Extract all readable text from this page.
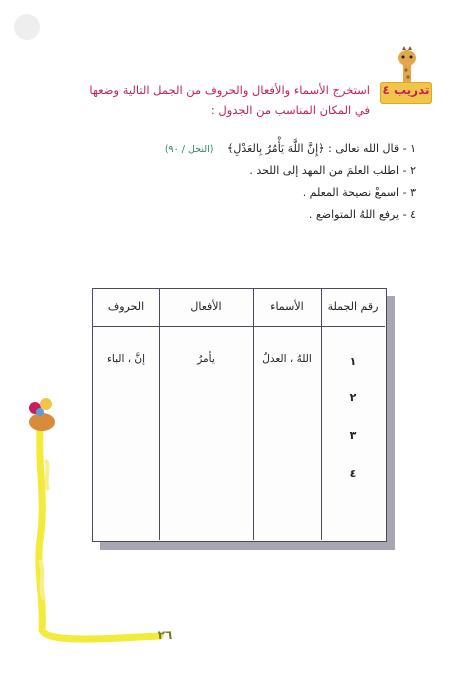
تدريب ٤
استخرج الأسماء والأفعال والحروف من الجمل التالية وضعها
في المكان المناسب من الجدول :
١ - قال الله تعالى : ﴿إِنَّ اللَّهَ يَأْمُرُ بِالعَدْلِ﴾ (النحل / ٩٠)
٢ - اطلب العلمَ من المهد إلى اللحد .
٣ - اسمعْ نصيحة المعلم .
٤ - يرفع اللهُ المتواضع .
رقم الجملة
الأسماء
الأفعال
الحروف
١
٢
٣
٤
اللهُ ، العدلُ
يأمرُ
إنَّ ، الباء
٢٦
